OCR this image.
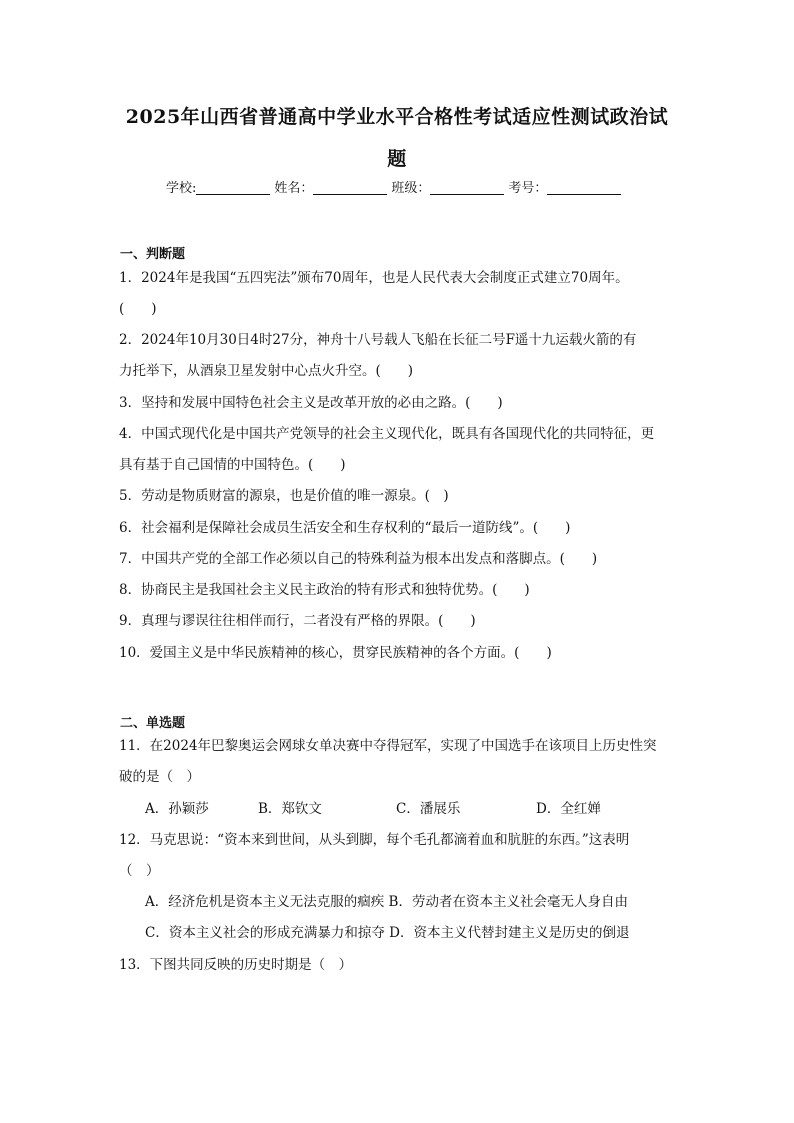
2025年山西省普通高中学业水平合格性考试适应性测试政治试
题
学校:	姓名：	班级：	考号：
一、判断题
1．2024年是我国“五四宪法”颁布70周年，也是人民代表大会制度正式建立70周年。
(　　)
2．2024年10月30日4时27分，神舟十八号载人飞船在长征二号F遥十九运载火箭的有
力托举下，从酒泉卫星发射中心点火升空。(　　)
3．坚持和发展中国特色社会主义是改革开放的必由之路。(　　)
4．中国式现代化是中国共产党领导的社会主义现代化，既具有各国现代化的共同特征，更
具有基于自己国情的中国特色。(　　)
5．劳动是物质财富的源泉，也是价值的唯一源泉。(　)
6．社会福利是保障社会成员生活安全和生存权利的“最后一道防线”。(　　)
7．中国共产党的全部工作必须以自己的特殊利益为根本出发点和落脚点。(　　)
8．协商民主是我国社会主义民主政治的特有形式和独特优势。(　　)
9．真理与谬误往往相伴而行，二者没有严格的界限。(　　)
10．爱国主义是中华民族精神的核心，贯穿民族精神的各个方面。(　　)
二、单选题
11．在2024年巴黎奥运会网球女单决赛中夺得冠军，实现了中国选手在该项目上历史性突
破的是（　）
A．孙颖莎	B．郑钦文	C．潘展乐	D．全红婵
12．马克思说：“资本来到世间，从头到脚，每个毛孔都滴着血和肮脏的东西。”这表明
（　）
A．经济危机是资本主义无法克服的痼疾 B．劳动者在资本主义社会毫无人身自由
C．资本主义社会的形成充满暴力和掠夺 D．资本主义代替封建主义是历史的倒退
13．下图共同反映的历史时期是（　）
